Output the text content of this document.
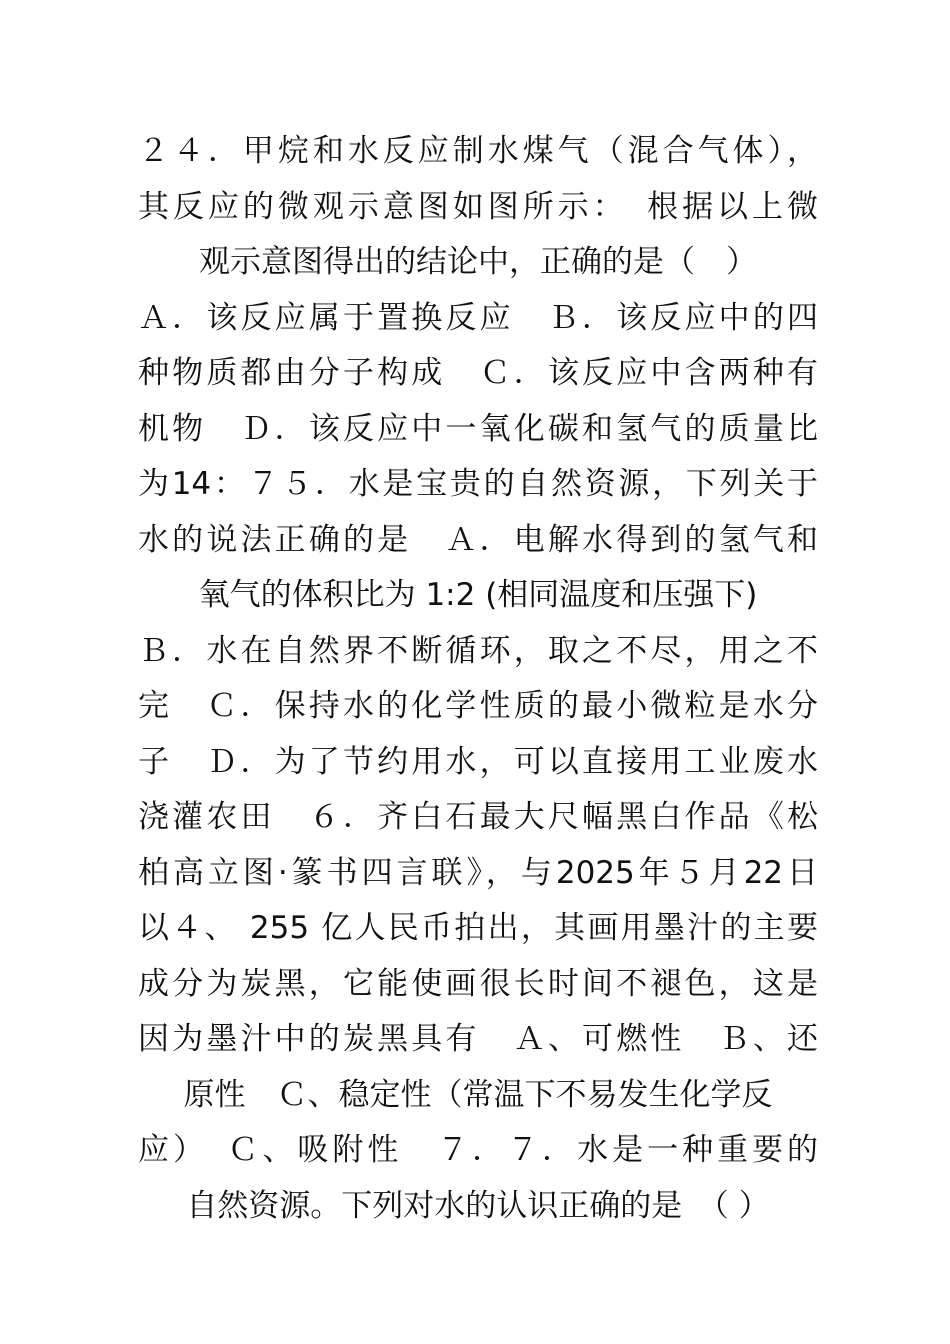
２４．甲烷和水反应制水煤气（混合气体），
其反应的微观示意图如图所示：　根据以上微
观示意图得出的结论中，正确的是（　）
Ａ．该反应属于置换反应　Ｂ．该反应中的四
种物质都由分子构成　Ｃ．该反应中含两种有
机物　Ｄ．该反应中一氧化碳和氢气的质量比
为14：７５．水是宝贵的自然资源，下列关于
水的说法正确的是　Ａ．电解水得到的氢气和
氧气的体积比为 1:2 (相同温度和压强下)
Ｂ．水在自然界不断循环，取之不尽，用之不
完　Ｃ．保持水的化学性质的最小微粒是水分
子　Ｄ．为了节约用水，可以直接用工业废水
浇灌农田　６．齐白石最大尺幅黑白作品《松
柏高立图·篆书四言联》，与2025年５月22日
以４、 255 亿人民币拍出，其画用墨汁的主要
成分为炭黑，它能使画很长时间不褪色，这是
因为墨汁中的炭黑具有　Ａ、可燃性　Ｂ、还
原性　Ｃ、稳定性（常温下不易发生化学反
应）　Ｃ、吸附性　７．７．水是一种重要的
自然资源。下列对水的认识正确的是　（ ）
